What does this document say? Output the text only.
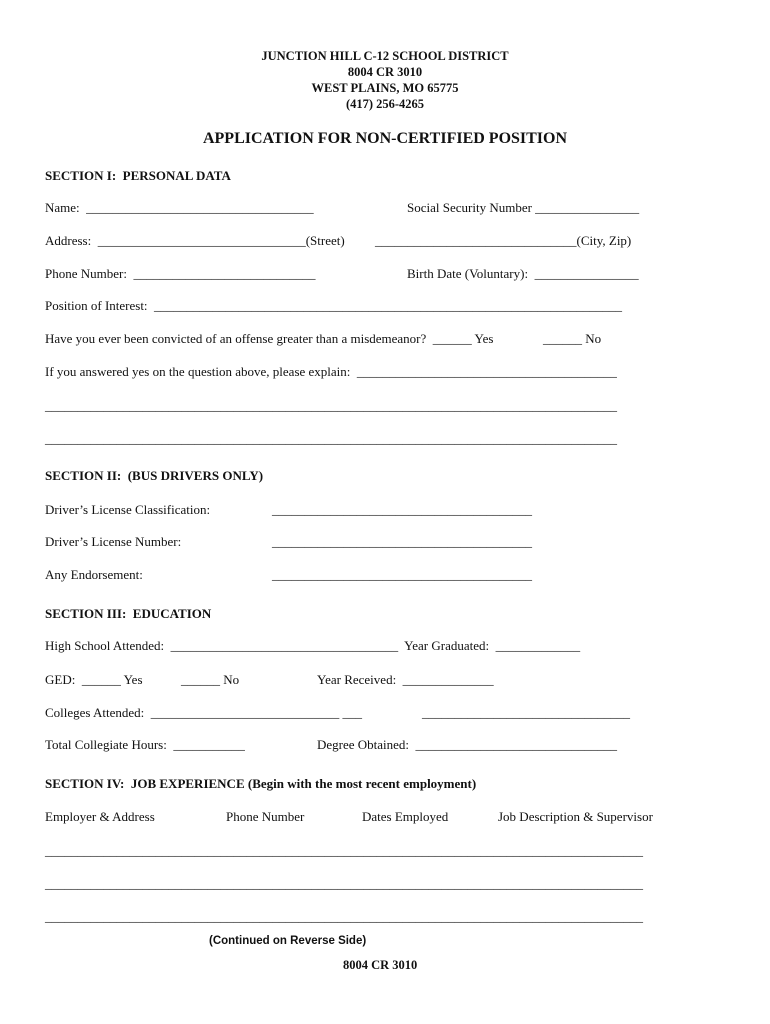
JUNCTION HILL C-12 SCHOOL DISTRICT
8004 CR 3010
WEST PLAINS, MO 65775
(417) 256-4265
APPLICATION FOR NON-CERTIFIED POSITION
SECTION I:  PERSONAL DATA
Name:  ___________________________________	Social Security Number ________________
Address:  ________________________________(Street) _______________________________(City, Zip)
Phone Number:  ____________________________	Birth Date (Voluntary):  ________________
Position of Interest:  ________________________________________________________________________
Have you ever been convicted of an offense greater than a misdemeanor?  ______ Yes	______ No
If you answered yes on the question above, please explain:  ________________________________________
________________________________________________________________________________________
________________________________________________________________________________________
SECTION II:  (BUS DRIVERS ONLY)
Driver’s License Classification:	________________________________________
Driver’s License Number:	________________________________________
Any Endorsement:	________________________________________
SECTION III:  EDUCATION
High School Attended:  ___________________________________  Year Graduated:  _____________
GED:  ______ Yes	______ No	Year Received:  ______________
Colleges Attended:  _____________________________ ___	________________________________
Total Collegiate Hours:  ___________	Degree Obtained:  _______________________________
SECTION IV:  JOB EXPERIENCE (Begin with the most recent employment)
Employer & Address	Phone Number	Dates Employed	Job Description & Supervisor
____________________________________________________________________________________________
____________________________________________________________________________________________
____________________________________________________________________________________________
(Continued on Reverse Side)
8004 CR 3010
